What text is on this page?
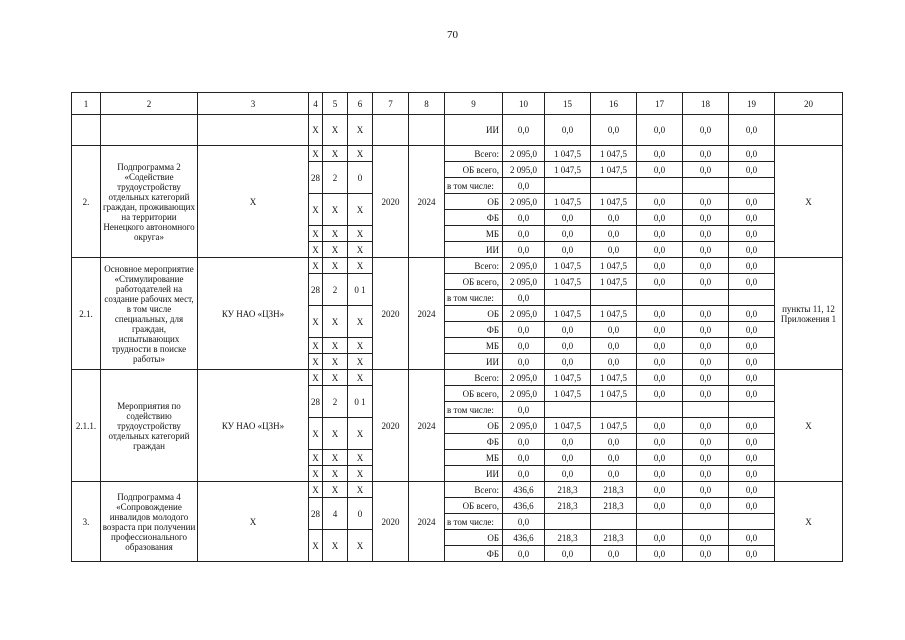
70
1	2	3	4	5	6	7	8	9	10	15	16	17	18	19	20
			X	X	X			ИИ	0,0	0,0	0,0	0,0	0,0	0,0	
2.	Подпрограмма 2 «Содействие трудоустройству отдельных категорий граждан, проживающих на территории Ненецкого автономного округа»	X	X	X	X	2020	2024	Всего:	2 095,0	1 047,5	1 047,5	0,0	0,0	0,0	X
			28	2	0			ОБ всего,	2 095,0	1 047,5	1 047,5	0,0	0,0	0,0	
								в том числе:	0,0						
			X	X	X			ОБ	2 095,0	1 047,5	1 047,5	0,0	0,0	0,0	
								ФБ	0,0	0,0	0,0	0,0	0,0	0,0	
			X	X	X			МБ	0,0	0,0	0,0	0,0	0,0	0,0	
			X	X	X			ИИ	0,0	0,0	0,0	0,0	0,0	0,0	
2.1.	Основное мероприятие «Стимулирование работодателей на создание рабочих мест, в том числе специальных, для граждан, испытывающих трудности в поиске работы»	КУ НАО «ЦЗН»	X	X	X	2020	2024	Всего:	2 095,0	1 047,5	1 047,5	0,0	0,0	0,0	пункты 11, 12 Приложения 1
			28	2	0 1			ОБ всего,	2 095,0	1 047,5	1 047,5	0,0	0,0	0,0	
								в том числе:	0,0						
			X	X	X			ОБ	2 095,0	1 047,5	1 047,5	0,0	0,0	0,0	
								ФБ	0,0	0,0	0,0	0,0	0,0	0,0	
			X	X	X			МБ	0,0	0,0	0,0	0,0	0,0	0,0	
			X	X	X			ИИ	0,0	0,0	0,0	0,0	0,0	0,0	
2.1.1.	Мероприятия по содействию трудоустройству отдельных категорий граждан	КУ НАО «ЦЗН»	X	X	X	2020	2024	Всего:	2 095,0	1 047,5	1 047,5	0,0	0,0	0,0	X
			28	2	0 1			ОБ всего,	2 095,0	1 047,5	1 047,5	0,0	0,0	0,0	
								в том числе:	0,0						
			X	X	X			ОБ	2 095,0	1 047,5	1 047,5	0,0	0,0	0,0	
								ФБ	0,0	0,0	0,0	0,0	0,0	0,0	
			X	X	X			МБ	0,0	0,0	0,0	0,0	0,0	0,0	
			X	X	X			ИИ	0,0	0,0	0,0	0,0	0,0	0,0	
3.	Подпрограмма 4 «Сопровождение инвалидов молодого возраста при получении профессионального образования	X	X	X	X	2020	2024	Всего:	436,6	218,3	218,3	0,0	0,0	0,0	X
			28	4	0			ОБ всего,	436,6	218,3	218,3	0,0	0,0	0,0	
								в том числе:	0,0						
			X	X	X			ОБ	436,6	218,3	218,3	0,0	0,0	0,0	
								ФБ	0,0	0,0	0,0	0,0	0,0	0,0	
